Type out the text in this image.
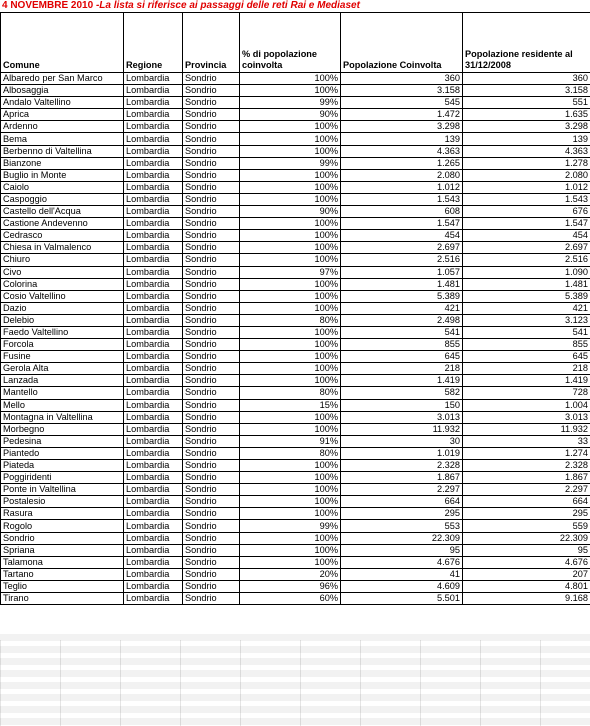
4 NOVEMBRE 2010 -La lista si riferisce ai passaggi delle reti Rai e Mediaset
Comune	Regione	Provincia	% di popolazione coinvolta	Popolazione Coinvolta	Popolazione residente al 31/12/2008
Albaredo per San Marco	Lombardia	Sondrio	100%	360	360
Albosaggia	Lombardia	Sondrio	100%	3.158	3.158
Andalo Valtellino	Lombardia	Sondrio	99%	545	551
Aprica	Lombardia	Sondrio	90%	1.472	1.635
Ardenno	Lombardia	Sondrio	100%	3.298	3.298
Bema	Lombardia	Sondrio	100%	139	139
Berbenno di Valtellina	Lombardia	Sondrio	100%	4.363	4.363
Bianzone	Lombardia	Sondrio	99%	1.265	1.278
Buglio in Monte	Lombardia	Sondrio	100%	2.080	2.080
Caiolo	Lombardia	Sondrio	100%	1.012	1.012
Caspoggio	Lombardia	Sondrio	100%	1.543	1.543
Castello dell'Acqua	Lombardia	Sondrio	90%	608	676
Castione Andevenno	Lombardia	Sondrio	100%	1.547	1.547
Cedrasco	Lombardia	Sondrio	100%	454	454
Chiesa in Valmalenco	Lombardia	Sondrio	100%	2.697	2.697
Chiuro	Lombardia	Sondrio	100%	2.516	2.516
Civo	Lombardia	Sondrio	97%	1.057	1.090
Colorina	Lombardia	Sondrio	100%	1.481	1.481
Cosio Valtellino	Lombardia	Sondrio	100%	5.389	5.389
Dazio	Lombardia	Sondrio	100%	421	421
Delebio	Lombardia	Sondrio	80%	2.498	3.123
Faedo Valtellino	Lombardia	Sondrio	100%	541	541
Forcola	Lombardia	Sondrio	100%	855	855
Fusine	Lombardia	Sondrio	100%	645	645
Gerola Alta	Lombardia	Sondrio	100%	218	218
Lanzada	Lombardia	Sondrio	100%	1.419	1.419
Mantello	Lombardia	Sondrio	80%	582	728
Mello	Lombardia	Sondrio	15%	150	1.004
Montagna in Valtellina	Lombardia	Sondrio	100%	3.013	3.013
Morbegno	Lombardia	Sondrio	100%	11.932	11.932
Pedesina	Lombardia	Sondrio	91%	30	33
Piantedo	Lombardia	Sondrio	80%	1.019	1.274
Piateda	Lombardia	Sondrio	100%	2.328	2.328
Poggiridenti	Lombardia	Sondrio	100%	1.867	1.867
Ponte in Valtellina	Lombardia	Sondrio	100%	2.297	2.297
Postalesio	Lombardia	Sondrio	100%	664	664
Rasura	Lombardia	Sondrio	100%	295	295
Rogolo	Lombardia	Sondrio	99%	553	559
Sondrio	Lombardia	Sondrio	100%	22.309	22.309
Spriana	Lombardia	Sondrio	100%	95	95
Talamona	Lombardia	Sondrio	100%	4.676	4.676
Tartano	Lombardia	Sondrio	20%	41	207
Teglio	Lombardia	Sondrio	96%	4.609	4.801
Tirano	Lombardia	Sondrio	60%	5.501	9.168
